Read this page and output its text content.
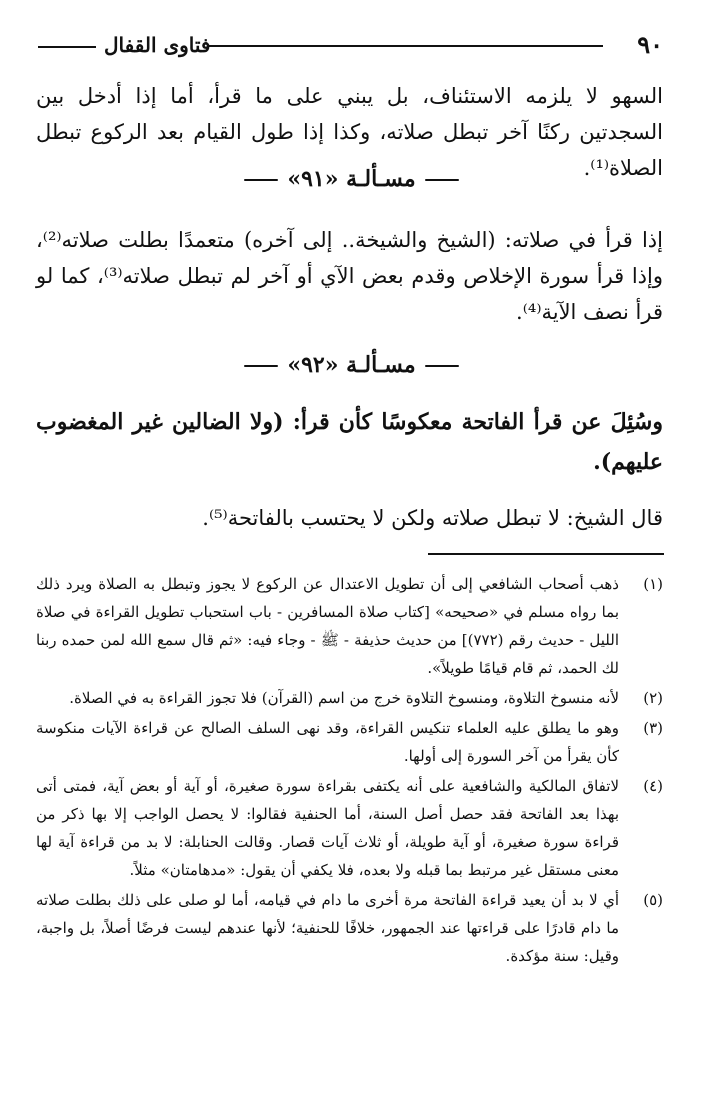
٩٠
فتاوى القفال

السهو لا يلزمه الاستئناف، بل يبني على ما قرأ، أما إذا أدخل بين السجدتين ركنًا آخر تبطل صلاته، وكذا إذا طول القيام بعد الركوع تبطل الصلاة⁽¹⁾.

مسـألـة «٩١»

إذا قرأ في صلاته: (الشيخ والشيخة.. إلى آخره) متعمدًا بطلت صلاته⁽²⁾، وإذا قرأ سورة الإخلاص وقدم بعض الآي أو آخر لم تبطل صلاته⁽³⁾، كما لو قرأ نصف الآية⁽⁴⁾.

مسـألـة «٩٢»

وسُئِلَ عن قرأ الفاتحة معكوسًا كأن قرأ: (ولا الضالين غير المغضوب عليهم).

قال الشيخ: لا تبطل صلاته ولكن لا يحتسب بالفاتحة⁽⁵⁾.

(١)
ذهب أصحاب الشافعي إلى أن تطويل الاعتدال عن الركوع لا يجوز وتبطل به الصلاة ويرد ذلك بما رواه مسلم في «صحيحه» [كتاب صلاة المسافرين - باب استحباب تطويل القراءة في صلاة الليل - حديث رقم (٧٧٢)] من حديث حذيفة - ﷺ - وجاء فيه: «ثم قال سمع الله لمن حمده ربنا لك الحمد، ثم قام قيامًا طويلاً».
(٢)
لأنه منسوخ التلاوة، ومنسوخ التلاوة خرج من اسم (القرآن) فلا تجوز القراءة به في الصلاة.
(٣)
وهو ما يطلق عليه العلماء تنكيس القراءة، وقد نهى السلف الصالح عن قراءة الآيات منكوسة كأن يقرأ من آخر السورة إلى أولها.
(٤)
لاتفاق المالكية والشافعية على أنه يكتفى بقراءة سورة صغيرة، أو آية أو بعض آية، فمتى أتى بهذا بعد الفاتحة فقد حصل أصل السنة، أما الحنفية فقالوا: لا يحصل الواجب إلا بها ذكر من قراءة سورة صغيرة، أو آية طويلة، أو ثلاث آيات قصار. وقالت الحنابلة: لا بد من قراءة آية لها معنى مستقل غير مرتبط بما قبله ولا بعده، فلا يكفي أن يقول: «مدهامتان» مثلاً.
(٥)
أي لا بد أن يعيد قراءة الفاتحة مرة أخرى ما دام في قيامه، أما لو صلى على ذلك بطلت صلاته ما دام قادرًا على قراءتها عند الجمهور، خلافًا للحنفية؛ لأنها عندهم ليست فرضًا أصلاً، بل واجبة، وقيل: سنة مؤكدة.
